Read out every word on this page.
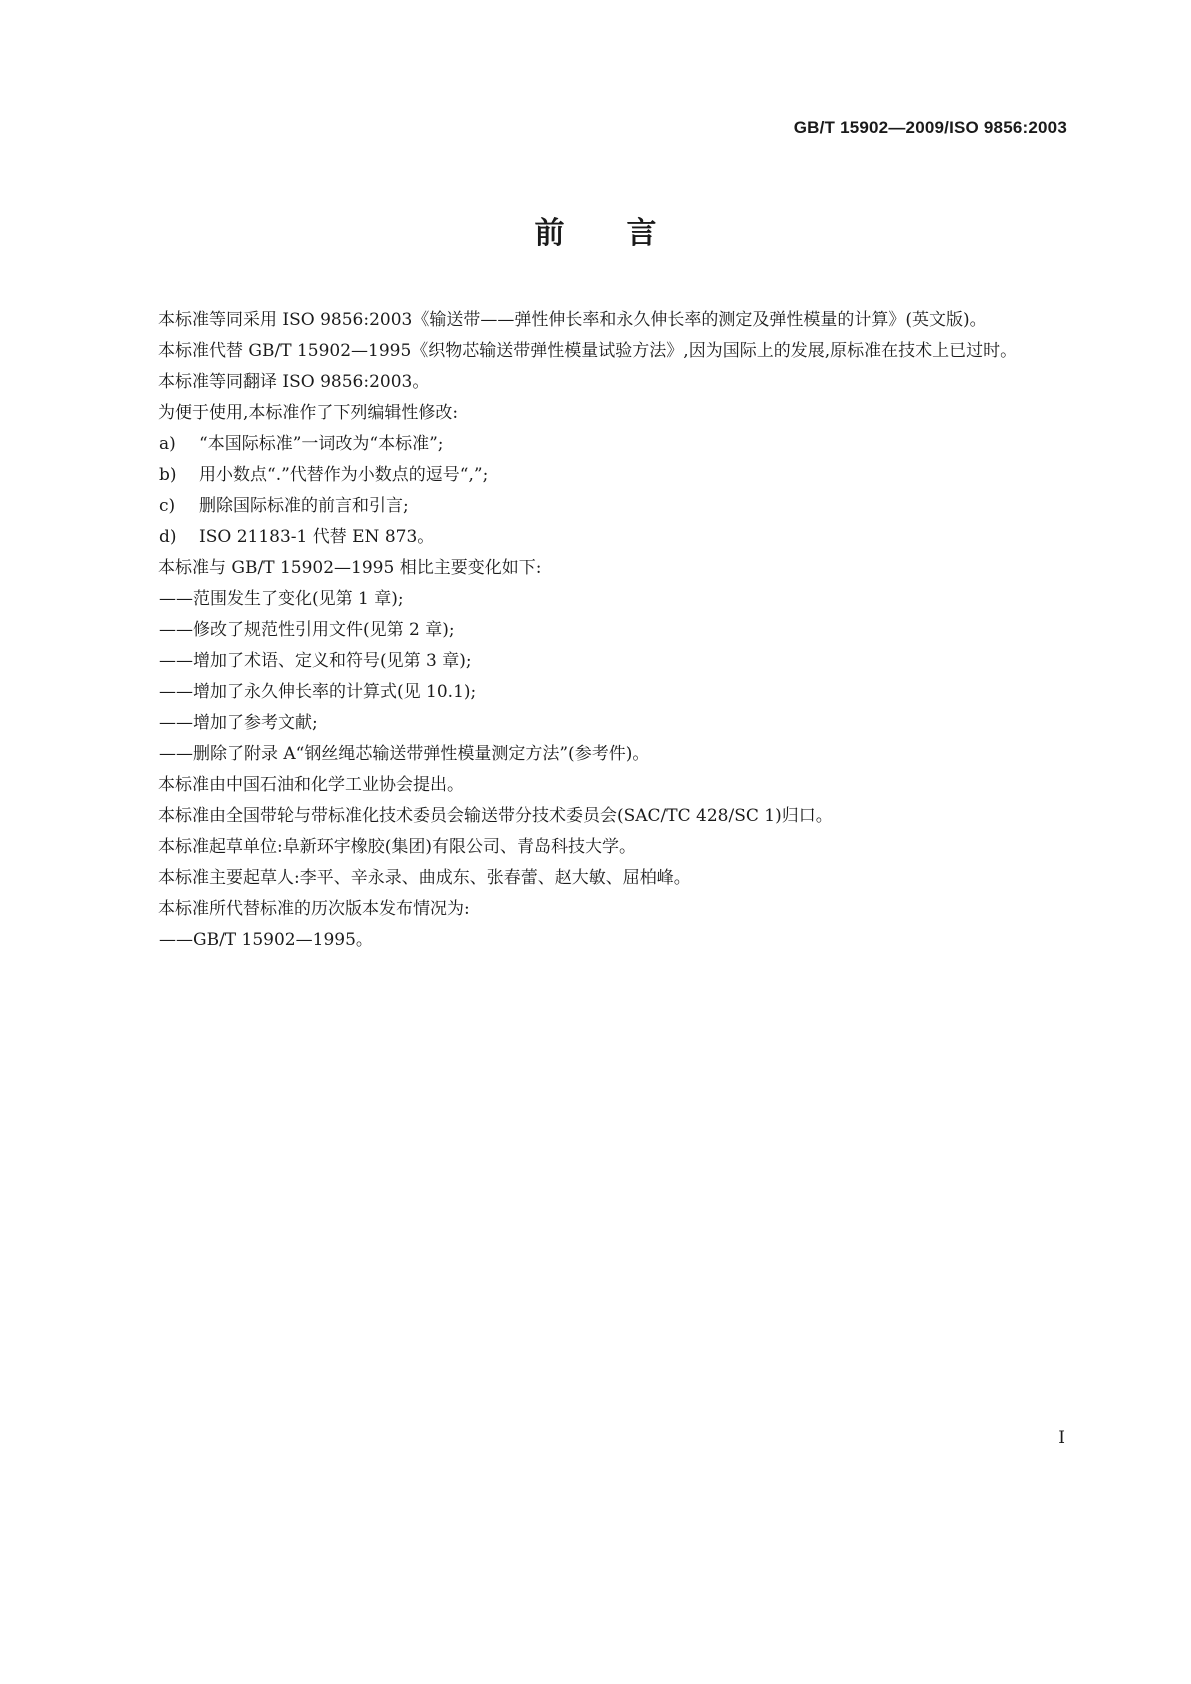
GB/T 15902—2009/ISO 9856:2003
前 言

本标准等同采用 ISO 9856:2003《输送带——弹性伸长率和永久伸长率的测定及弹性模量的计算》(英文版)。

本标准代替 GB/T 15902—1995《织物芯输送带弹性模量试验方法》,因为国际上的发展,原标准在技术上已过时。

本标准等同翻译 ISO 9856:2003。

为便于使用,本标准作了下列编辑性修改:

a) “本国际标准”一词改为“本标准”;
b) 用小数点“.”代替作为小数点的逗号“,”;
c) 删除国际标准的前言和引言;
d) ISO 21183-1 代替 EN 873。

本标准与 GB/T 15902—1995 相比主要变化如下:

——范围发生了变化(见第 1 章);
——修改了规范性引用文件(见第 2 章);
——增加了术语、定义和符号(见第 3 章);
——增加了永久伸长率的计算式(见 10.1);
——增加了参考文献;
——删除了附录 A“钢丝绳芯输送带弹性模量测定方法”(参考件)。

本标准由中国石油和化学工业协会提出。

本标准由全国带轮与带标准化技术委员会输送带分技术委员会(SAC/TC 428/SC 1)归口。

本标准起草单位:阜新环宇橡胶(集团)有限公司、青岛科技大学。

本标准主要起草人:李平、辛永录、曲成东、张春蕾、赵大敏、屈柏峰。

本标准所代替标准的历次版本发布情况为:

——GB/T 15902—1995。
I
